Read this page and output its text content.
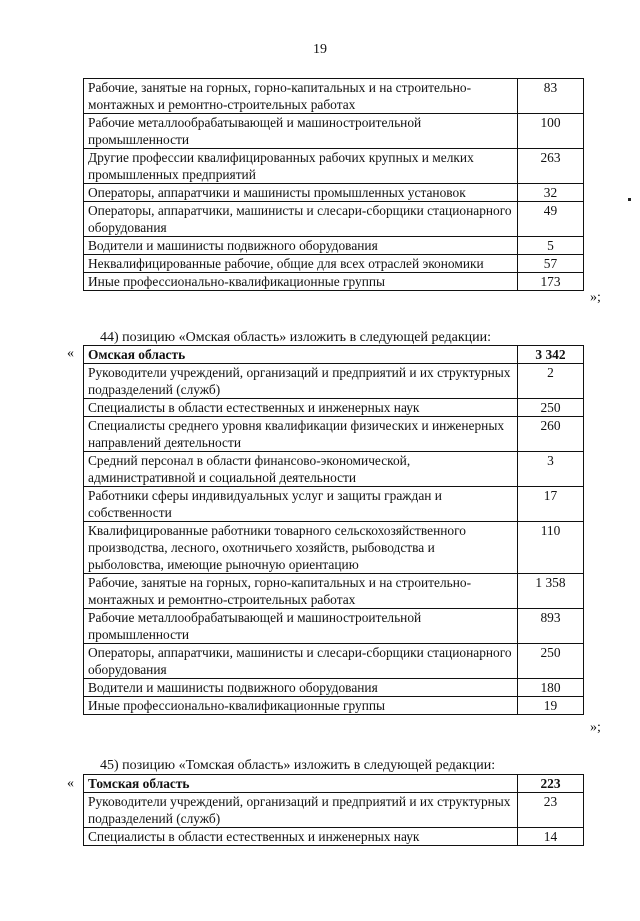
19
Рабочие, занятые на горных, горно-капитальных и на строительно-монтажных и ремонтно-строительных работах	83
Рабочие металлообрабатывающей и машиностроительной промышленности	100
Другие профессии квалифицированных рабочих крупных и мелких промышленных предприятий	263
Операторы, аппаратчики и машинисты промышленных установок	32
Операторы, аппаратчики, машинисты и слесари-сборщики стационарного оборудования	49
Водители и машинисты подвижного оборудования	5
Неквалифицированные рабочие, общие для всех отраслей экономики	57
Иные профессионально-квалификационные группы	173
»;
44) позицию «Омская область» изложить в следующей редакции:
« Омская область	3 342
Руководители учреждений, организаций и предприятий и их структурных подразделений (служб)	2
Специалисты в области естественных и инженерных наук	250
Специалисты среднего уровня квалификации физических и инженерных направлений деятельности	260
Средний персонал в области финансово-экономической, административной и социальной деятельности	3
Работники сферы индивидуальных услуг и защиты граждан и собственности	17
Квалифицированные работники товарного сельскохозяйственного производства, лесного, охотничьего хозяйств, рыбоводства и рыболовства, имеющие рыночную ориентацию	110
Рабочие, занятые на горных, горно-капитальных и на строительно-монтажных и ремонтно-строительных работах	1 358
Рабочие металлообрабатывающей и машиностроительной промышленности	893
Операторы, аппаратчики, машинисты и слесари-сборщики стационарного оборудования	250
Водители и машинисты подвижного оборудования	180
Иные профессионально-квалификационные группы	19
»;
45) позицию «Томская область» изложить в следующей редакции:
« Томская область	223
Руководители учреждений, организаций и предприятий и их структурных подразделений (служб)	23
Специалисты в области естественных и инженерных наук	14
